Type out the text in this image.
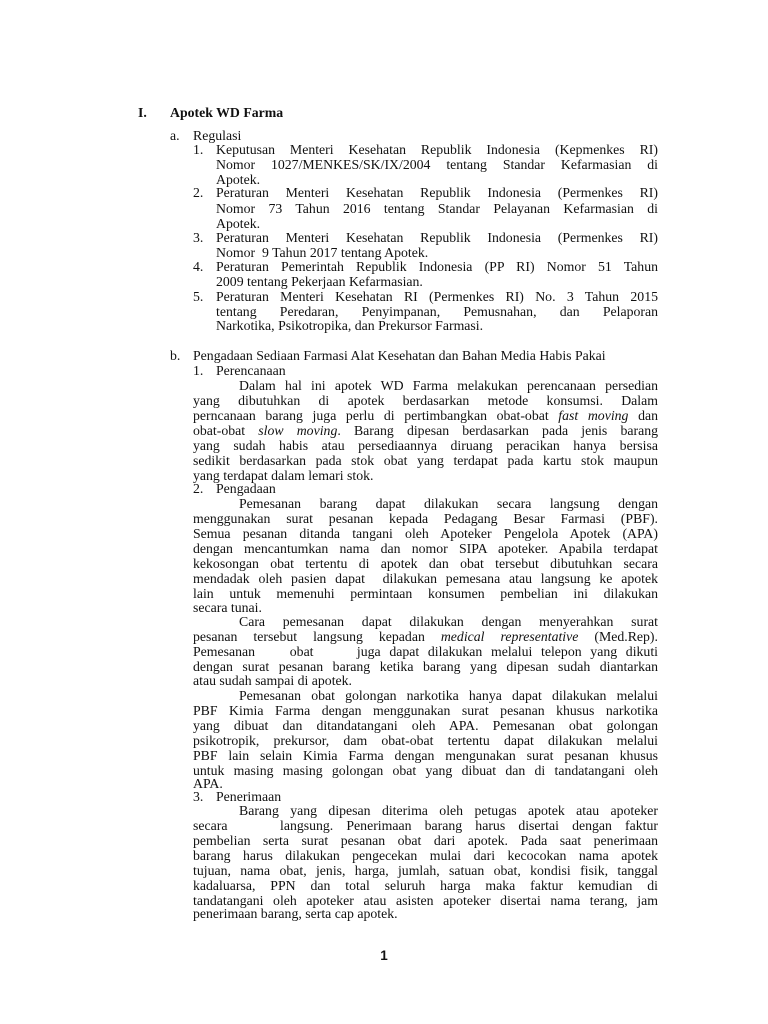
I. Apotek WD Farma
a. Regulasi
1. Keputusan Menteri Kesehatan Republik Indonesia (Kepmenkes RI)
Nomor 1027/MENKES/SK/IX/2004 tentang Standar Kefarmasian di
Apotek.
2. Peraturan Menteri Kesehatan Republik Indonesia (Permenkes RI)
Nomor 73 Tahun 2016 tentang Standar Pelayanan Kefarmasian di
Apotek.
3. Peraturan Menteri Kesehatan Republik Indonesia (Permenkes RI)
Nomor  9 Tahun 2017 tentang Apotek.
4. Peraturan Pemerintah Republik Indonesia (PP RI) Nomor 51 Tahun
2009 tentang Pekerjaan Kefarmasian.
5. Peraturan Menteri Kesehatan RI (Permenkes RI) No. 3 Tahun 2015
tentang Peredaran, Penyimpanan, Pemusnahan, dan Pelaporan
Narkotika, Psikotropika, dan Prekursor Farmasi.
b. Pengadaan Sediaan Farmasi Alat Kesehatan dan Bahan Media Habis Pakai
1. Perencanaan
Dalam hal ini apotek WD Farma melakukan perencanaan persedian
yang dibutuhkan di apotek berdasarkan metode konsumsi. Dalam
perncanaan barang juga perlu di pertimbangkan obat-obat fast moving dan
obat-obat slow moving. Barang dipesan berdasarkan pada jenis barang
yang sudah habis atau persediaannya diruang peracikan hanya bersisa
sedikit berdasarkan pada stok obat yang terdapat pada kartu stok maupun
yang terdapat dalam lemari stok.
2. Pengadaan
Pemesanan barang dapat dilakukan secara langsung dengan
menggunakan surat pesanan kepada Pedagang Besar Farmasi (PBF).
Semua pesanan ditanda tangani oleh Apoteker Pengelola Apotek (APA)
dengan mencantumkan nama dan nomor SIPA apoteker. Apabila terdapat
kekosongan obat tertentu di apotek dan obat tersebut dibutuhkan secara
mendadak oleh pasien dapat  dilakukan pemesana atau langsung ke apotek
lain untuk memenuhi permintaan konsumen pembelian ini dilakukan
secara tunai.
Cara pemesanan dapat dilakukan dengan menyerahkan surat
pesanan tersebut langsung kepadan medical representative (Med.Rep).
Pemesanan    obat     juga dapat dilakukan melalui telepon yang dikuti
dengan surat pesanan barang ketika barang yang dipesan sudah diantarkan
atau sudah sampai di apotek.
Pemesanan obat golongan narkotika hanya dapat dilakukan melalui
PBF Kimia Farma dengan menggunakan surat pesanan khusus narkotika
yang dibuat dan ditandatangani oleh APA. Pemesanan obat golongan
psikotropik, prekursor, dam obat-obat tertentu dapat dilakukan melalui
PBF lain selain Kimia Farma dengan mengunakan surat pesanan khusus
untuk masing masing golongan obat yang dibuat dan di tandatangani oleh
APA.
3. Penerimaan
Barang yang dipesan diterima oleh petugas apotek atau apoteker
secara    langsung. Penerimaan barang harus disertai dengan faktur
pembelian serta surat pesanan obat dari apotek. Pada saat penerimaan
barang harus dilakukan pengecekan mulai dari kecocokan nama apotek
tujuan, nama obat, jenis, harga, jumlah, satuan obat, kondisi fisik, tanggal
kadaluarsa, PPN dan total seluruh harga maka faktur kemudian di
tandatangani oleh apoteker atau asisten apoteker disertai nama terang, jam
penerimaan barang, serta cap apotek.
1
